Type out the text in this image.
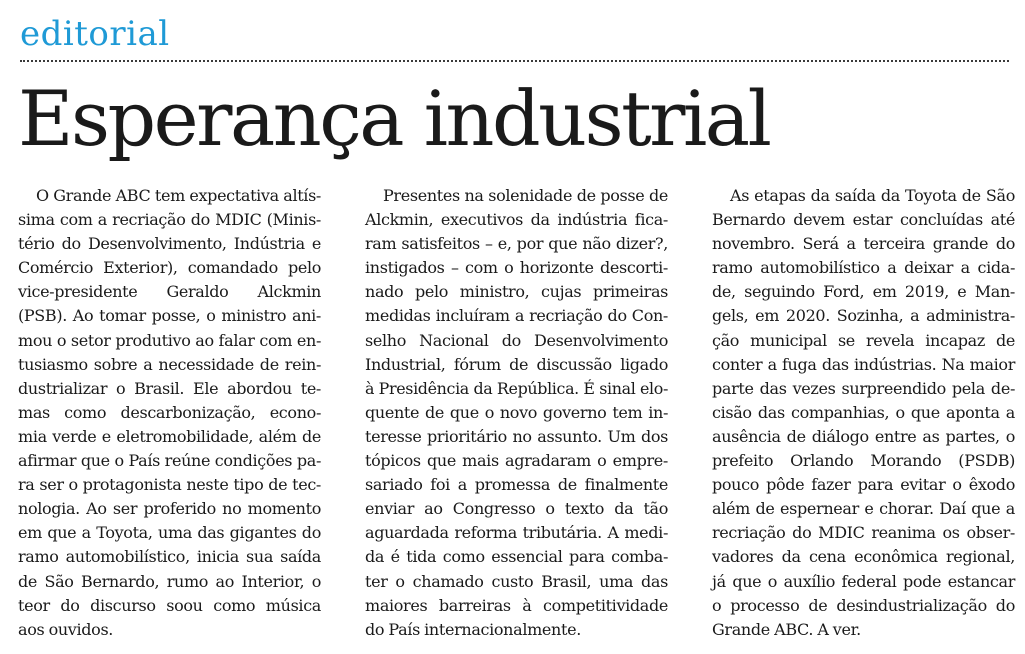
editorial
Esperança industrial
O Grande ABC tem expectativa altís-
sima com a recriação do MDIC (Minis-
tério do Desenvolvimento, Indústria e
Comércio Exterior), comandado pelo
vice-presidente Geraldo Alckmin
(PSB). Ao tomar posse, o ministro ani-
mou o setor produtivo ao falar com en-
tusiasmo sobre a necessidade de rein-
dustrializar o Brasil. Ele abordou te-
mas como descarbonização, econo-
mia verde e eletromobilidade, além de
afirmar que o País reúne condições pa-
ra ser o protagonista neste tipo de tec-
nologia. Ao ser proferido no momento
em que a Toyota, uma das gigantes do
ramo automobilístico, inicia sua saída
de São Bernardo, rumo ao Interior, o
teor do discurso soou como música
aos ouvidos.
Presentes na solenidade de posse de
Alckmin, executivos da indústria fica-
ram satisfeitos – e, por que não dizer?,
instigados – com o horizonte descorti-
nado pelo ministro, cujas primeiras
medidas incluíram a recriação do Con-
selho Nacional do Desenvolvimento
Industrial, fórum de discussão ligado
à Presidência da República. É sinal elo-
quente de que o novo governo tem in-
teresse prioritário no assunto. Um dos
tópicos que mais agradaram o empre-
sariado foi a promessa de finalmente
enviar ao Congresso o texto da tão
aguardada reforma tributária. A medi-
da é tida como essencial para comba-
ter o chamado custo Brasil, uma das
maiores barreiras à competitividade
do País internacionalmente.
As etapas da saída da Toyota de São
Bernardo devem estar concluídas até
novembro. Será a terceira grande do
ramo automobilístico a deixar a cida-
de, seguindo Ford, em 2019, e Man-
gels, em 2020. Sozinha, a administra-
ção municipal se revela incapaz de
conter a fuga das indústrias. Na maior
parte das vezes surpreendido pela de-
cisão das companhias, o que aponta a
ausência de diálogo entre as partes, o
prefeito Orlando Morando (PSDB)
pouco pôde fazer para evitar o êxodo
além de espernear e chorar. Daí que a
recriação do MDIC reanima os obser-
vadores da cena econômica regional,
já que o auxílio federal pode estancar
o processo de desindustrialização do
Grande ABC. A ver.
